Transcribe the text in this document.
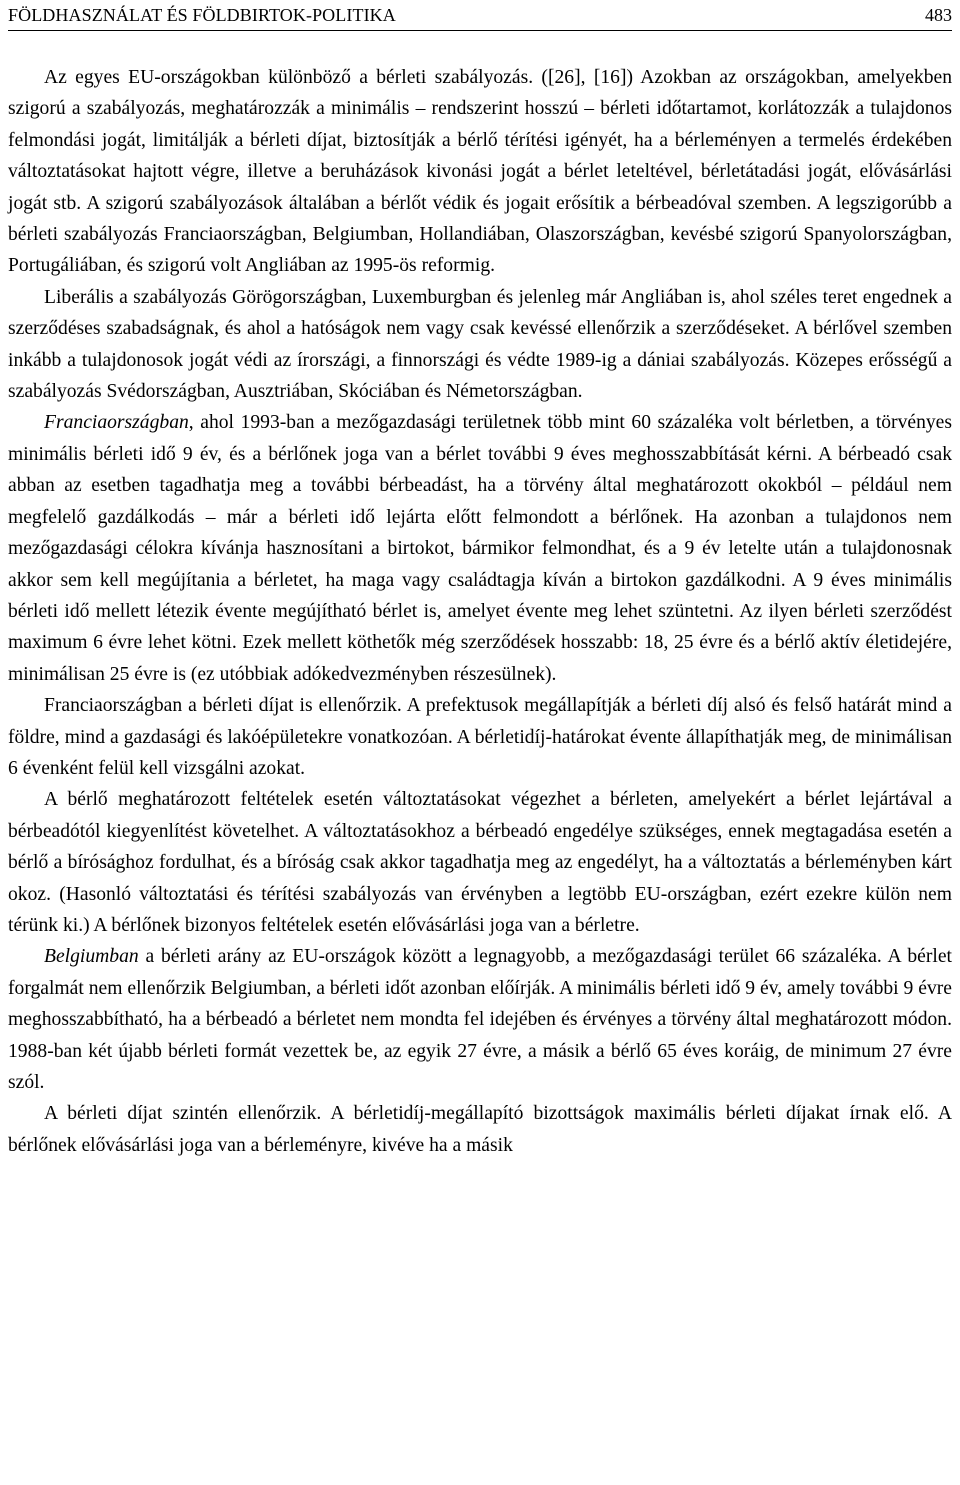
FÖLDHASZNÁLAT ÉS FÖLDBIRTOK-POLITIKA	483

Az egyes EU-országokban különböző a bérleti szabályozás. ([26], [16]) Azokban az országokban, amelyekben szigorú a szabályozás, meghatározzák a minimális – rendszerint hosszú – bérleti időtartamot, korlátozzák a tulajdonos felmondási jogát, limitálják a bérleti díjat, biztosítják a bérlő térítési igényét, ha a bérleményen a termelés érdekében változtatásokat hajtott végre, illetve a beruházások kivonási jogát a bérlet leteltével, bérletátadási jogát, elővásárlási jogát stb. A szigorú szabályozások általában a bérlőt védik és jogait erősítik a bérbeadóval szemben. A legszigorúbb a bérleti szabályozás Franciaországban, Belgiumban, Hollandiában, Olaszországban, kevésbé szigorú Spanyolországban, Portugáliában, és szigorú volt Angliában az 1995-ös reformig.

Liberális a szabályozás Görögországban, Luxemburgban és jelenleg már Angliában is, ahol széles teret engednek a szerződéses szabadságnak, és ahol a hatóságok nem vagy csak kevéssé ellenőrzik a szerződéseket. A bérlővel szemben inkább a tulajdonosok jogát védi az írországi, a finnországi és védte 1989-ig a dániai szabályozás. Közepes erősségű a szabályozás Svédországban, Ausztriában, Skóciában és Németországban.

Franciaországban, ahol 1993-ban a mezőgazdasági területnek több mint 60 százaléka volt bérletben, a törvényes minimális bérleti idő 9 év, és a bérlőnek joga van a bérlet további 9 éves meghosszabbítását kérni. A bérbeadó csak abban az esetben tagadhatja meg a további bérbeadást, ha a törvény által meghatározott okokból – például nem megfelelő gazdálkodás – már a bérleti idő lejárta előtt felmondott a bérlőnek. Ha azonban a tulajdonos nem mezőgazdasági célokra kívánja hasznosítani a birtokot, bármikor felmondhat, és a 9 év letelte után a tulajdonosnak akkor sem kell megújítania a bérletet, ha maga vagy családtagja kíván a birtokon gazdálkodni. A 9 éves minimális bérleti idő mellett létezik évente megújítható bérlet is, amelyet évente meg lehet szüntetni. Az ilyen bérleti szerződést maximum 6 évre lehet kötni. Ezek mellett köthetők még szerződések hosszabb: 18, 25 évre és a bérlő aktív életidejére, minimálisan 25 évre is (ez utóbbiak adókedvezményben részesülnek).

Franciaországban a bérleti díjat is ellenőrzik. A prefektusok megállapítják a bérleti díj alsó és felső határát mind a földre, mind a gazdasági és lakóépületekre vonatkozóan. A bérletidíj-határokat évente állapíthatják meg, de minimálisan 6 évenként felül kell vizsgálni azokat.

A bérlő meghatározott feltételek esetén változtatásokat végezhet a bérleten, amelyekért a bérlet lejártával a bérbeadótól kiegyenlítést követelhet. A változtatásokhoz a bérbeadó engedélye szükséges, ennek megtagadása esetén a bérlő a bírósághoz fordulhat, és a bíróság csak akkor tagadhatja meg az engedélyt, ha a változtatás a bérleményben kárt okoz. (Hasonló változtatási és térítési szabályozás van érvényben a legtöbb EU-országban, ezért ezekre külön nem térünk ki.) A bérlőnek bizonyos feltételek esetén elővásárlási joga van a bérletre.

Belgiumban a bérleti arány az EU-országok között a legnagyobb, a mezőgazdasági terület 66 százaléka. A bérlet forgalmát nem ellenőrzik Belgiumban, a bérleti időt azonban előírják. A minimális bérleti idő 9 év, amely további 9 évre meghosszabbítható, ha a bérbeadó a bérletet nem mondta fel idejében és érvényes a törvény által meghatározott módon. 1988-ban két újabb bérleti formát vezettek be, az egyik 27 évre, a másik a bérlő 65 éves koráig, de minimum 27 évre szól.

A bérleti díjat szintén ellenőrzik. A bérletidíj-megállapító bizottságok maximális bérleti díjakat írnak elő. A bérlőnek elővásárlási joga van a bérleményre, kivéve ha a másik
